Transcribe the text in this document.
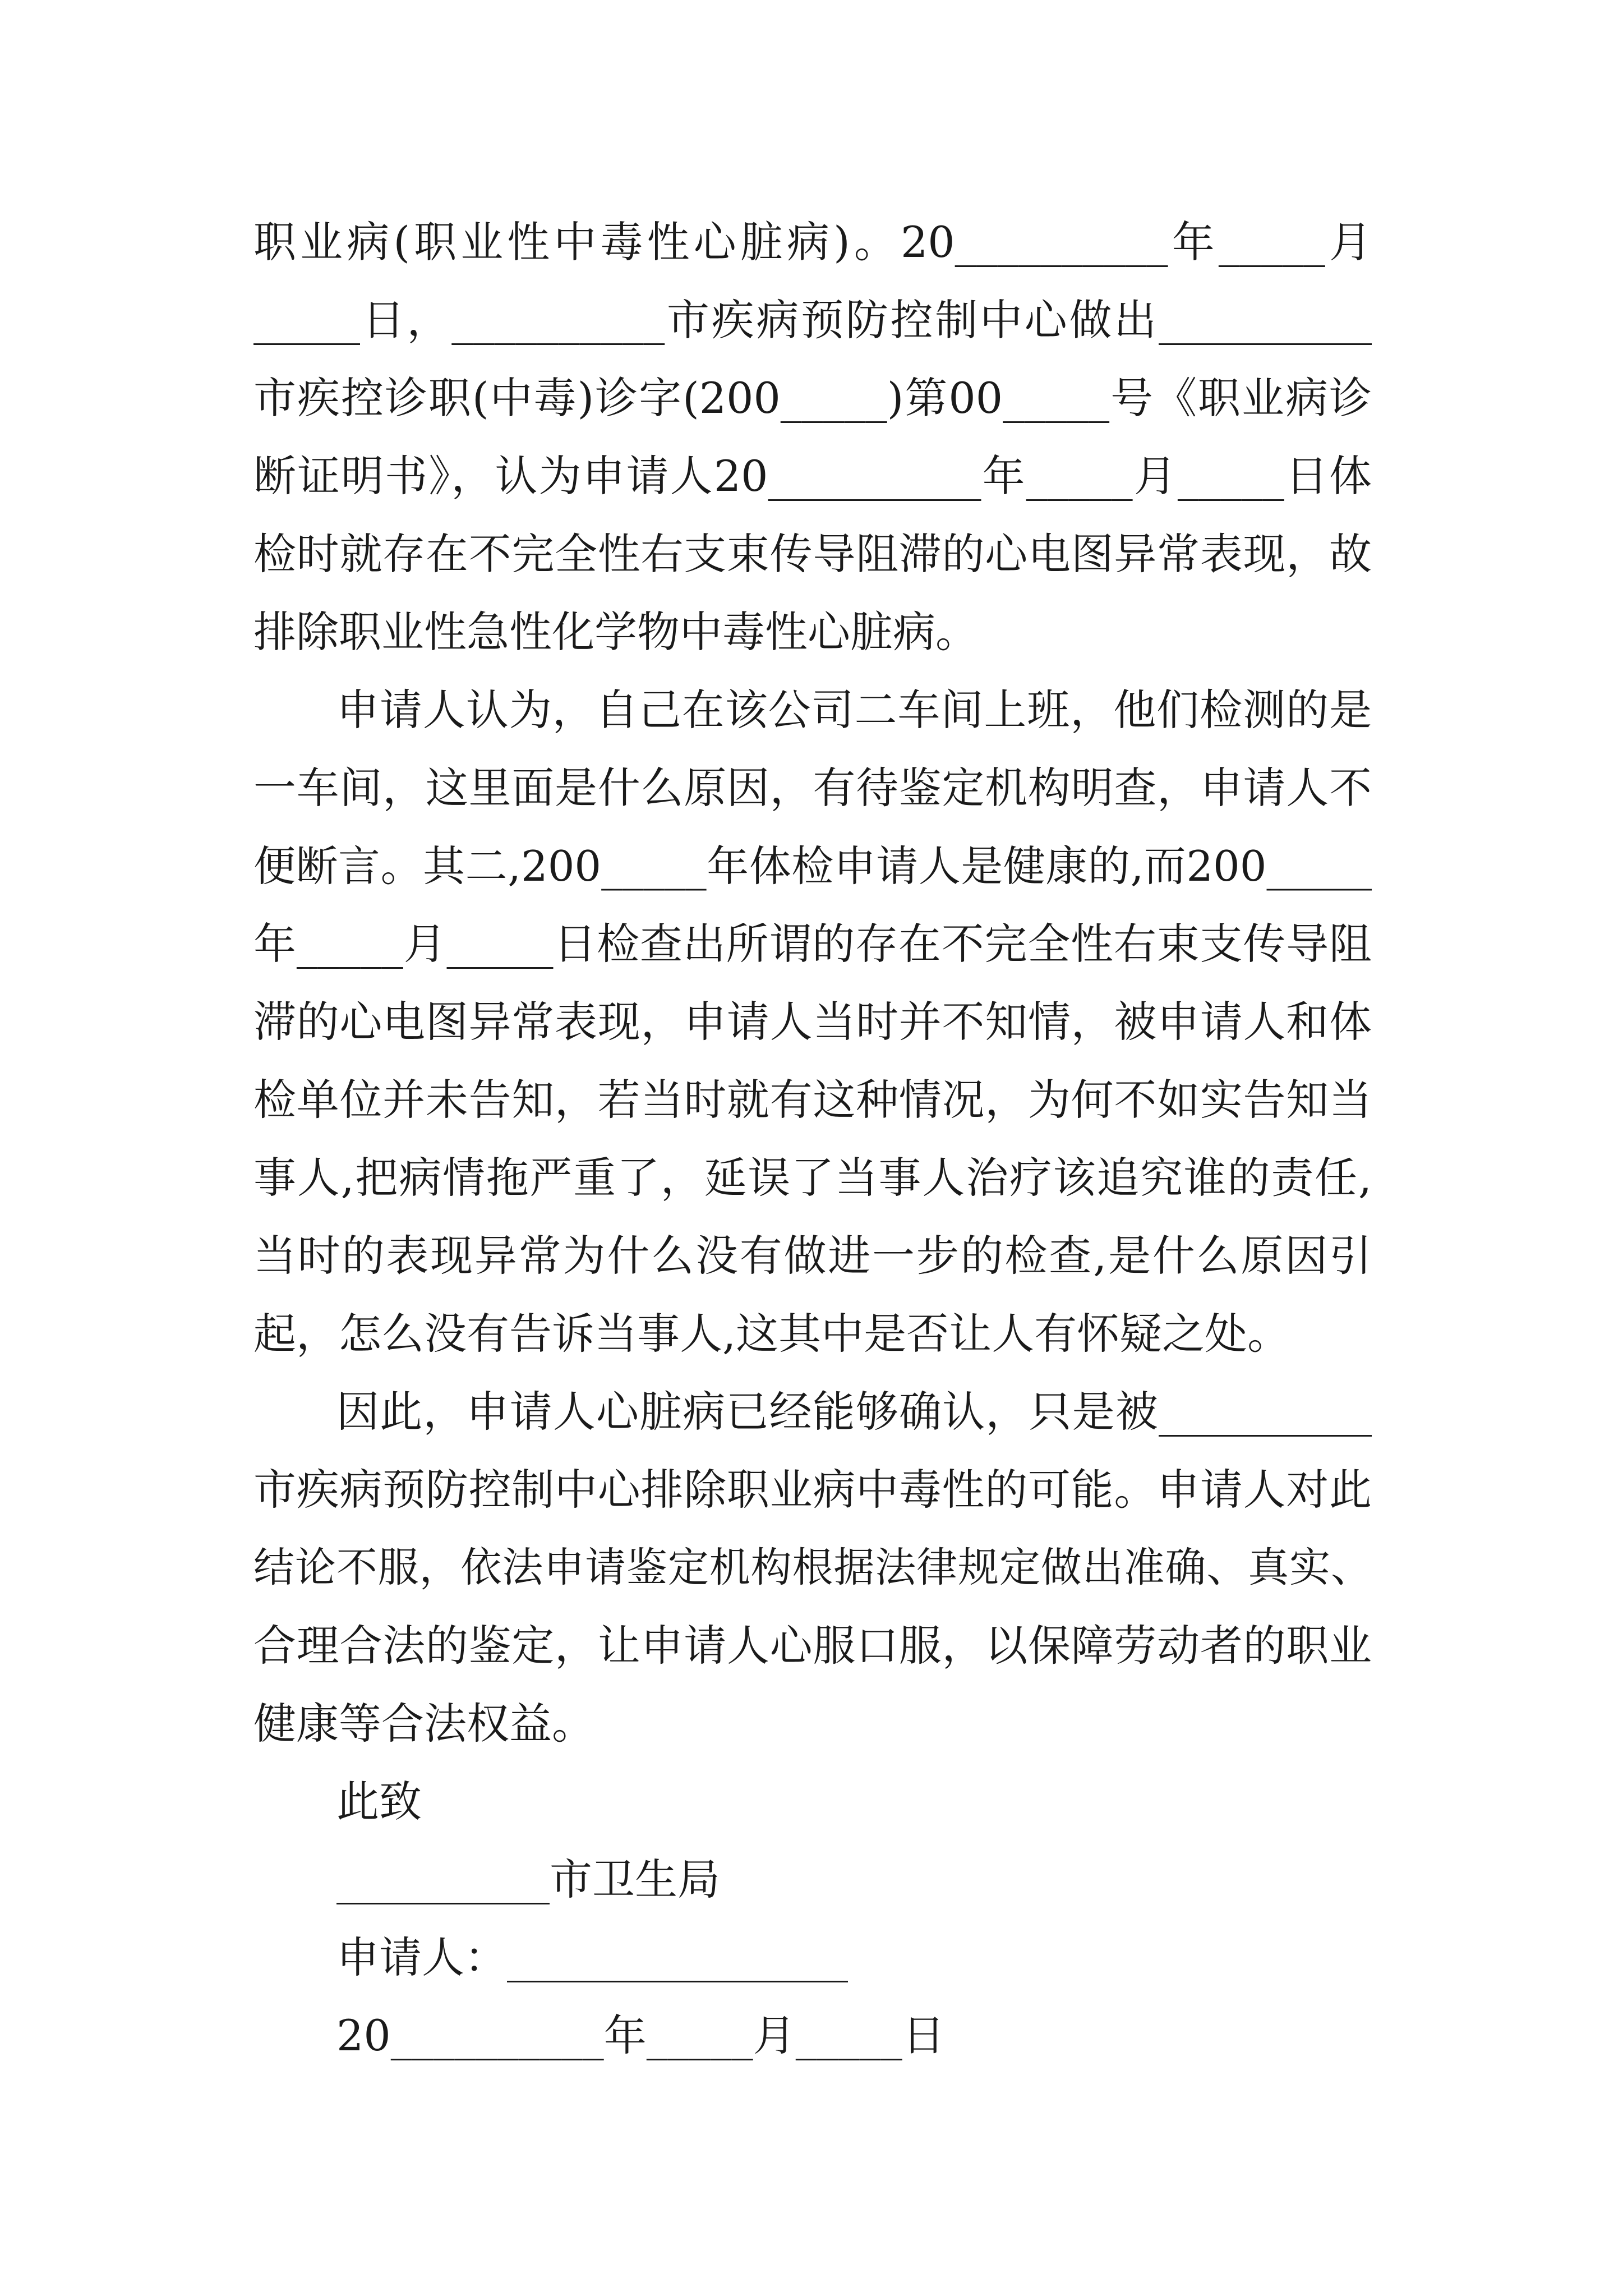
职业病(职业性中毒性心脏病)。20__________年_____月
_____日，__________市疾病预防控制中心做出__________
市疾控诊职(中毒)诊字(200_____)第00_____号《职业病诊
断证明书》，认为申请人20__________年_____月_____日体
检时就存在不完全性右支束传导阻滞的心电图异常表现，故
排除职业性急性化学物中毒性心脏病。
申请人认为，自己在该公司二车间上班，他们检测的是
一车间，这里面是什么原因，有待鉴定机构明查，申请人不
便断言。其二,200_____年体检申请人是健康的,而200_____
年_____月_____日检查出所谓的存在不完全性右束支传导阻
滞的心电图异常表现，申请人当时并不知情，被申请人和体
检单位并未告知，若当时就有这种情况，为何不如实告知当
事人,把病情拖严重了，延误了当事人治疗该追究谁的责任,
当时的表现异常为什么没有做进一步的检查,是什么原因引
起，怎么没有告诉当事人,这其中是否让人有怀疑之处。
因此，申请人心脏病已经能够确认，只是被__________
市疾病预防控制中心排除职业病中毒性的可能。申请人对此
结论不服，依法申请鉴定机构根据法律规定做出准确、真实、
合理合法的鉴定，让申请人心服口服，以保障劳动者的职业
健康等合法权益。
此致
__________市卫生局
申请人：________________
20__________年_____月_____日
